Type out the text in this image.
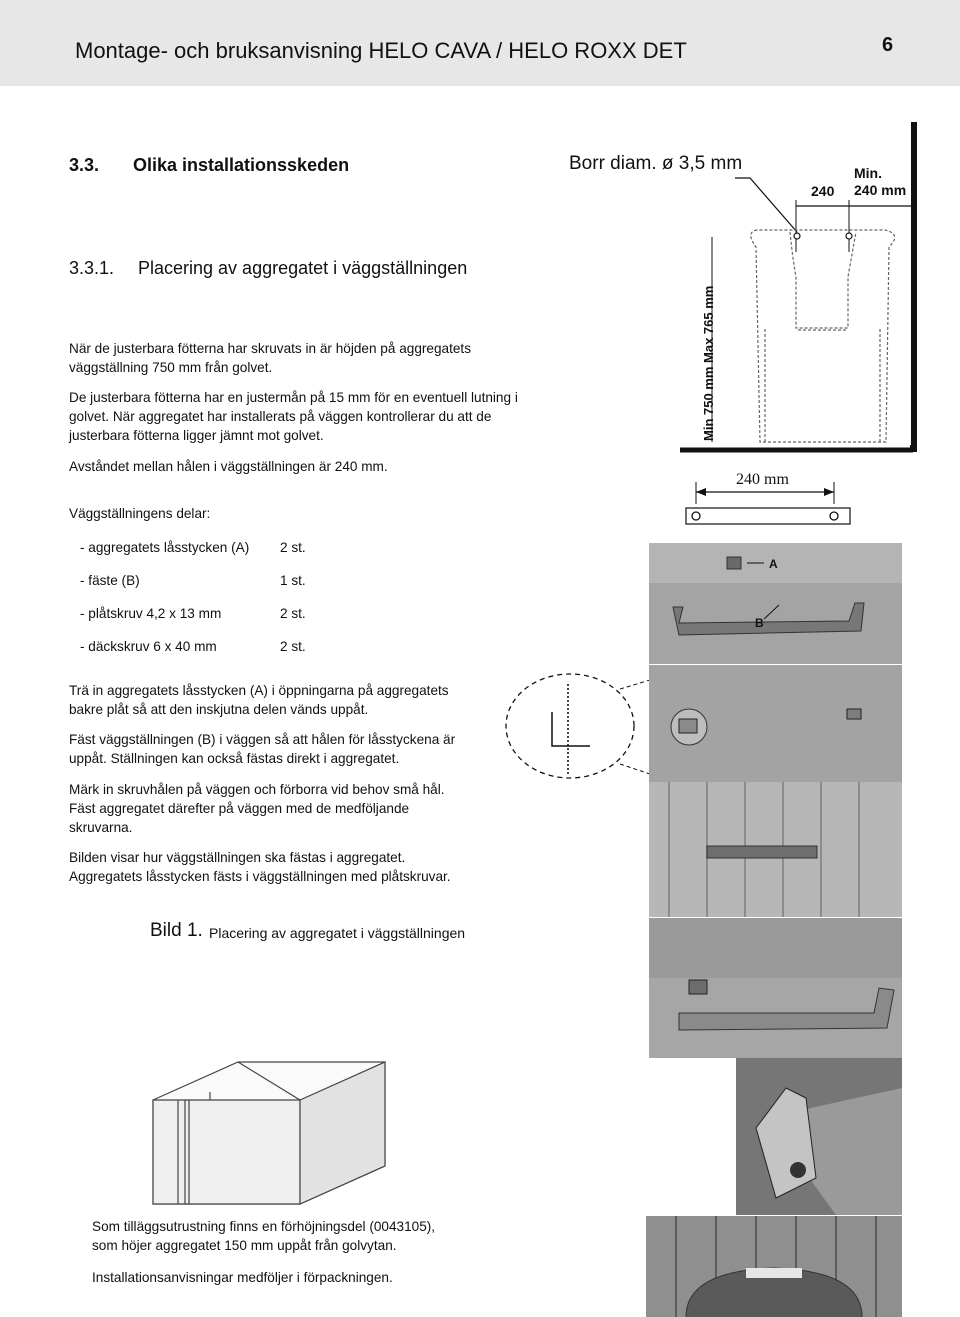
Montage- och bruksanvisning HELO CAVA / HELO ROXX DET	6
3.3. Olika installationsskeden
3.3.1. Placering av aggregatet i väggställningen
När de justerbara fötterna har skruvats in är höjden på aggregatets
väggställning 750 mm från golvet.
De justerbara fötterna har en justermån på 15 mm för en eventuell lutning i
golvet. När aggregatet har installerats på väggen kontrollerar du att de
justerbara fötterna ligger jämnt mot golvet.
Avståndet mellan hålen i väggställningen är 240 mm.
Väggställningens delar:
- aggregatets låsstycken (A) 2 st.
- fäste (B)	1 st.
- plåtskruv 4,2 x 13 mm	2 st.
- däckskruv 6 x 40 mm	2 st.
Trä in aggregatets låsstycken (A) i öppningarna på aggregatets
bakre plåt så att den inskjutna delen vänds uppåt.
Fäst väggställningen (B) i väggen så att hålen för låsstyckena är
uppåt. Ställningen kan också fästas direkt i aggregatet.
Märk in skruvhålen på väggen och förborra vid behov små hål.
Fäst aggregatet därefter på väggen med de medföljande
skruvarna.
Bilden visar hur väggställningen ska fästas i aggregatet.
Aggregatets låsstycken fästs i väggställningen med plåtskruvar.
Bild 1. Placering av aggregatet i väggställningen
Som tilläggsutrustning finns en förhöjningsdel (0043105),
som höjer aggregatet 150 mm uppåt från golvytan.
Installationsanvisningar medföljer i förpackningen.
Borr diam. ø 3,5 mm
240
Min.
240 mm
Min 750 mm Max 765 mm
240 mm
A
B
